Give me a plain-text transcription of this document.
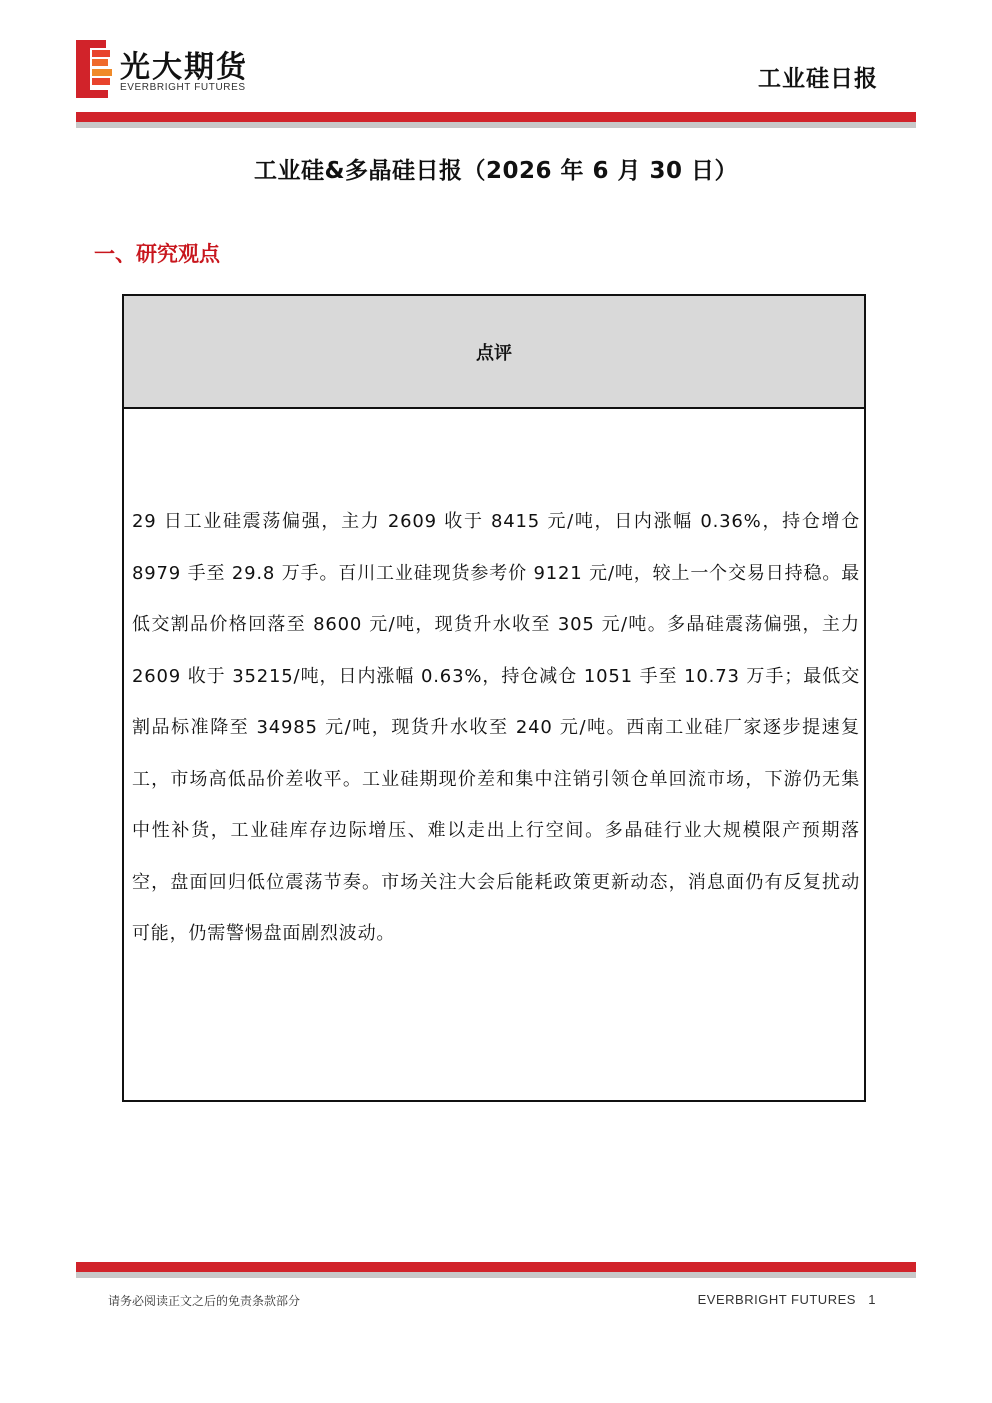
光大期货
EVERBRIGHT FUTURES	工业硅日报
工业硅&多晶硅日报（2026 年 6 月 30 日）
一、研究观点
点评
29 日工业硅震荡偏强，主力 2609 收于 8415 元/吨，日内涨幅 0.36%，持仓增仓 8979 手至 29.8 万手。百川工业硅现货参考价 9121 元/吨，较上一个交易日持稳。最低交割品价格回落至 8600 元/吨，现货升水收至 305 元/吨。多晶硅震荡偏强，主力 2609 收于 35215/吨，日内涨幅 0.63%，持仓减仓 1051 手至 10.73 万手；最低交割品标准降至 34985 元/吨，现货升水收至 240 元/吨。西南工业硅厂家逐步提速复工，市场高低品价差收平。工业硅期现价差和集中注销引领仓单回流市场，下游仍无集中性补货，工业硅库存边际增压、难以走出上行空间。多晶硅行业大规模限产预期落空，盘面回归低位震荡节奏。市场关注大会后能耗政策更新动态，消息面仍有反复扰动可能，仍需警惕盘面剧烈波动。
请务必阅读正文之后的免责条款部分	EVERBRIGHT FUTURES 1
